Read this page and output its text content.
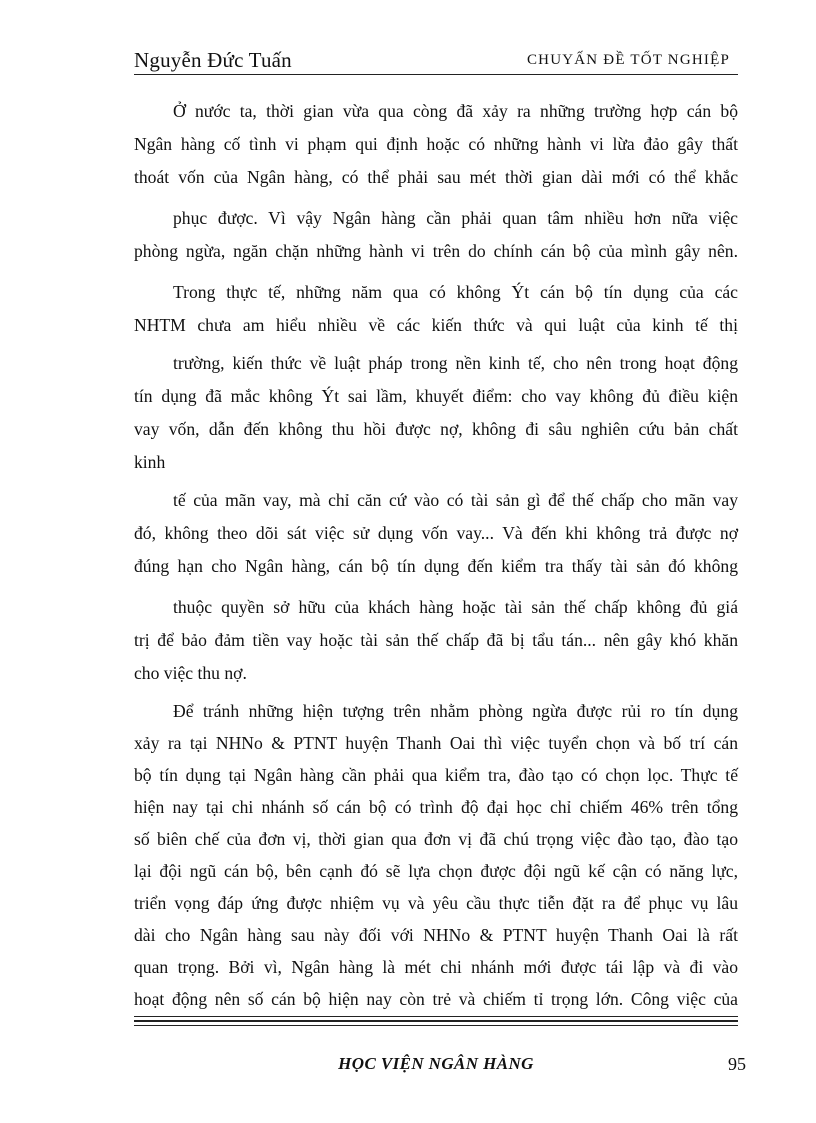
Nguyễn Đức Tuấn	CHUYẤN ĐỀ TỐT NGHIỆP
Ở nước ta, thời gian vừa qua còng đã xảy ra những trường hợp cán bộ
Ngân hàng cố tình vi phạm qui định hoặc có những hành vi lừa đảo gây thất
thoát vốn của Ngân hàng, có thể phải sau mét thời gian dài mới có thể khắc
phục được. Vì vậy Ngân hàng cần phải quan tâm nhiều hơn nữa việc
phòng ngừa, ngăn chặn những hành vi trên do chính cán bộ của mình gây nên.
Trong thực tế, những năm qua có không Ýt cán bộ tín dụng của các
NHTM chưa am hiểu nhiều về các kiến thức và qui luật của kinh tế thị
trường, kiến thức về luật pháp trong nền kinh tế, cho nên trong hoạt động
tín dụng đã mắc không Ýt sai lầm, khuyết điểm: cho vay không đủ điều kiện
vay vốn, dẫn đến không thu hồi được nợ, không đi sâu nghiên cứu bản chất
kinh
tế của mãn vay, mà chỉ căn cứ vào có tài sản gì để thế chấp cho mãn vay
đó, không theo dõi sát việc sử dụng vốn vay... Và đến khi không trả được nợ
đúng hạn cho Ngân hàng, cán bộ tín dụng đến kiểm tra thấy tài sản đó không
thuộc quyền sở hữu của khách hàng hoặc tài sản thế chấp không đủ giá
trị để bảo đảm tiền vay hoặc tài sản thế chấp đã bị tẩu tán... nên gây khó khăn
cho việc thu nợ.
Để tránh những hiện tượng trên nhằm phòng ngừa được rủi ro tín dụng
xảy ra tại NHNo & PTNT huyện Thanh Oai thì việc tuyển chọn và bố trí cán
bộ tín dụng tại Ngân hàng cần phải qua kiểm tra, đào tạo có chọn lọc. Thực tế
hiện nay tại chi nhánh số cán bộ có trình độ đại học chỉ chiếm 46% trên tổng
số biên chế của đơn vị, thời gian qua đơn vị đã chú trọng việc đào tạo, đào tạo
lại đội ngũ cán bộ, bên cạnh đó sẽ lựa chọn được đội ngũ kế cận có năng lực,
triển vọng đáp ứng được nhiệm vụ và yêu cầu thực tiễn đặt ra để phục vụ lâu
dài cho Ngân hàng sau này đối với NHNo & PTNT huyện Thanh Oai là rất
quan trọng. Bởi vì, Ngân hàng là mét chi nhánh mới được tái lập và đi vào
hoạt động nên số cán bộ hiện nay còn trẻ và chiếm tỉ trọng lớn. Công việc của
HỌC VIỆN NGÂN HÀNG	95
